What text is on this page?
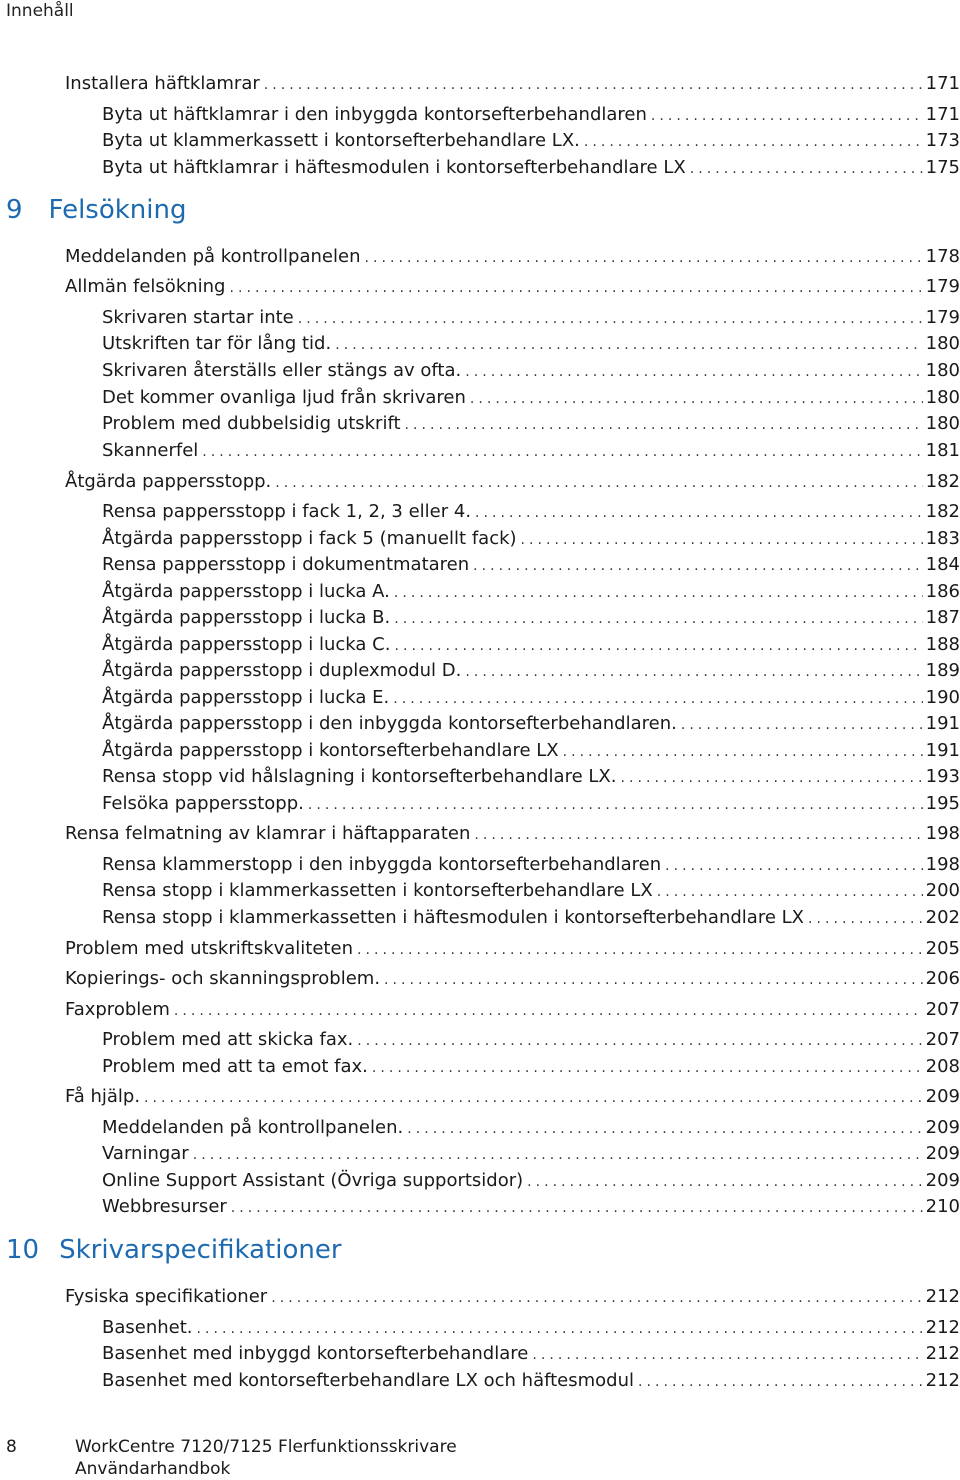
Innehåll
Installera häftklamrar . . .	171
Byta ut häftklamrar i den inbyggda kontorsefterbehandlaren . . .	171
Byta ut klammerkassett i kontorsefterbehandlare LX. . . .	173
Byta ut häftklamrar i häftesmodulen i kontorsefterbehandlare LX . . .	175
9 Felsökning
Meddelanden på kontrollpanelen . . .	178
Allmän felsökning . . .	179
Skrivaren startar inte . . .	179
Utskriften tar för lång tid. . . .	180
Skrivaren återställs eller stängs av ofta. . . .	180
Det kommer ovanliga ljud från skrivaren . . .	180
Problem med dubbelsidig utskrift . . .	180
Skannerfel . . .	181
Åtgärda pappersstopp. . . .	182
Rensa pappersstopp i fack 1, 2, 3 eller 4. . . .	182
Åtgärda pappersstopp i fack 5 (manuellt fack) . . .	183
Rensa pappersstopp i dokumentmataren . . .	184
Åtgärda pappersstopp i lucka A. . . .	186
Åtgärda pappersstopp i lucka B. . . .	187
Åtgärda pappersstopp i lucka C. . . .	188
Åtgärda pappersstopp i duplexmodul D. . . .	189
Åtgärda pappersstopp i lucka E. . . .	190
Åtgärda pappersstopp i den inbyggda kontorsefterbehandlaren. . . .	191
Åtgärda pappersstopp i kontorsefterbehandlare LX . . .	191
Rensa stopp vid hålslagning i kontorsefterbehandlare LX. . . .	193
Felsöka pappersstopp. . . .	195
Rensa felmatning av klamrar i häftapparaten . . .	198
Rensa klammerstopp i den inbyggda kontorsefterbehandlaren . . .	198
Rensa stopp i klammerkassetten i kontorsefterbehandlare LX . . .	200
Rensa stopp i klammerkassetten i häftesmodulen i kontorsefterbehandlare LX . . .	202
Problem med utskriftskvaliteten . . .	205
Kopierings- och skanningsproblem. . . .	206
Faxproblem . . .	207
Problem med att skicka fax. . . .	207
Problem med att ta emot fax. . . .	208
Få hjälp. . . .	209
Meddelanden på kontrollpanelen. . . .	209
Varningar . . .	209
Online Support Assistant (Övriga supportsidor) . . .	209
Webbresurser . . .	210
10 Skrivarspecifikationer
Fysiska specifikationer . . .	212
Basenhet. . . .	212
Basenhet med inbyggd kontorsefterbehandlare . . .	212
Basenhet med kontorsefterbehandlare LX och häftesmodul . . .	212
8	WorkCentre 7120/7125 Flerfunktionsskrivare
Användarhandbok
